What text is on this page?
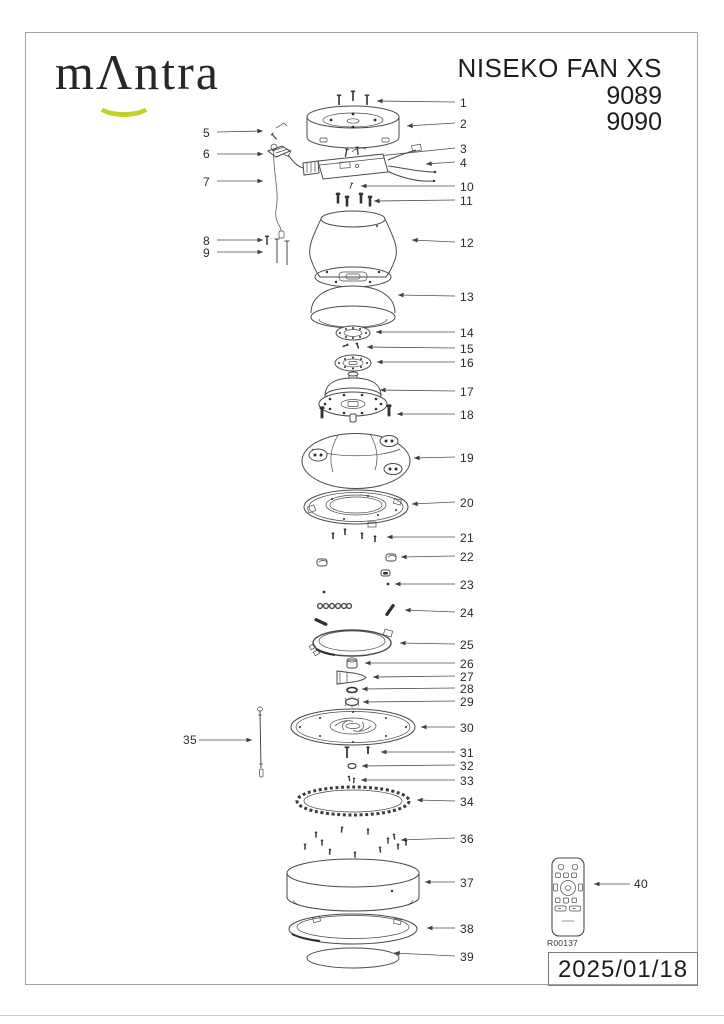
mΛntra	NISEKO FAN XS
9089
9090
1
2
3
4
10
11
12
13
14
15
16
17
18
19
20
21
22
23
24
25
26
27
28
29
30
31
32
33
34
36
37
38
39
5
6
7
8
9
35
40
R00137
2025/01/18
